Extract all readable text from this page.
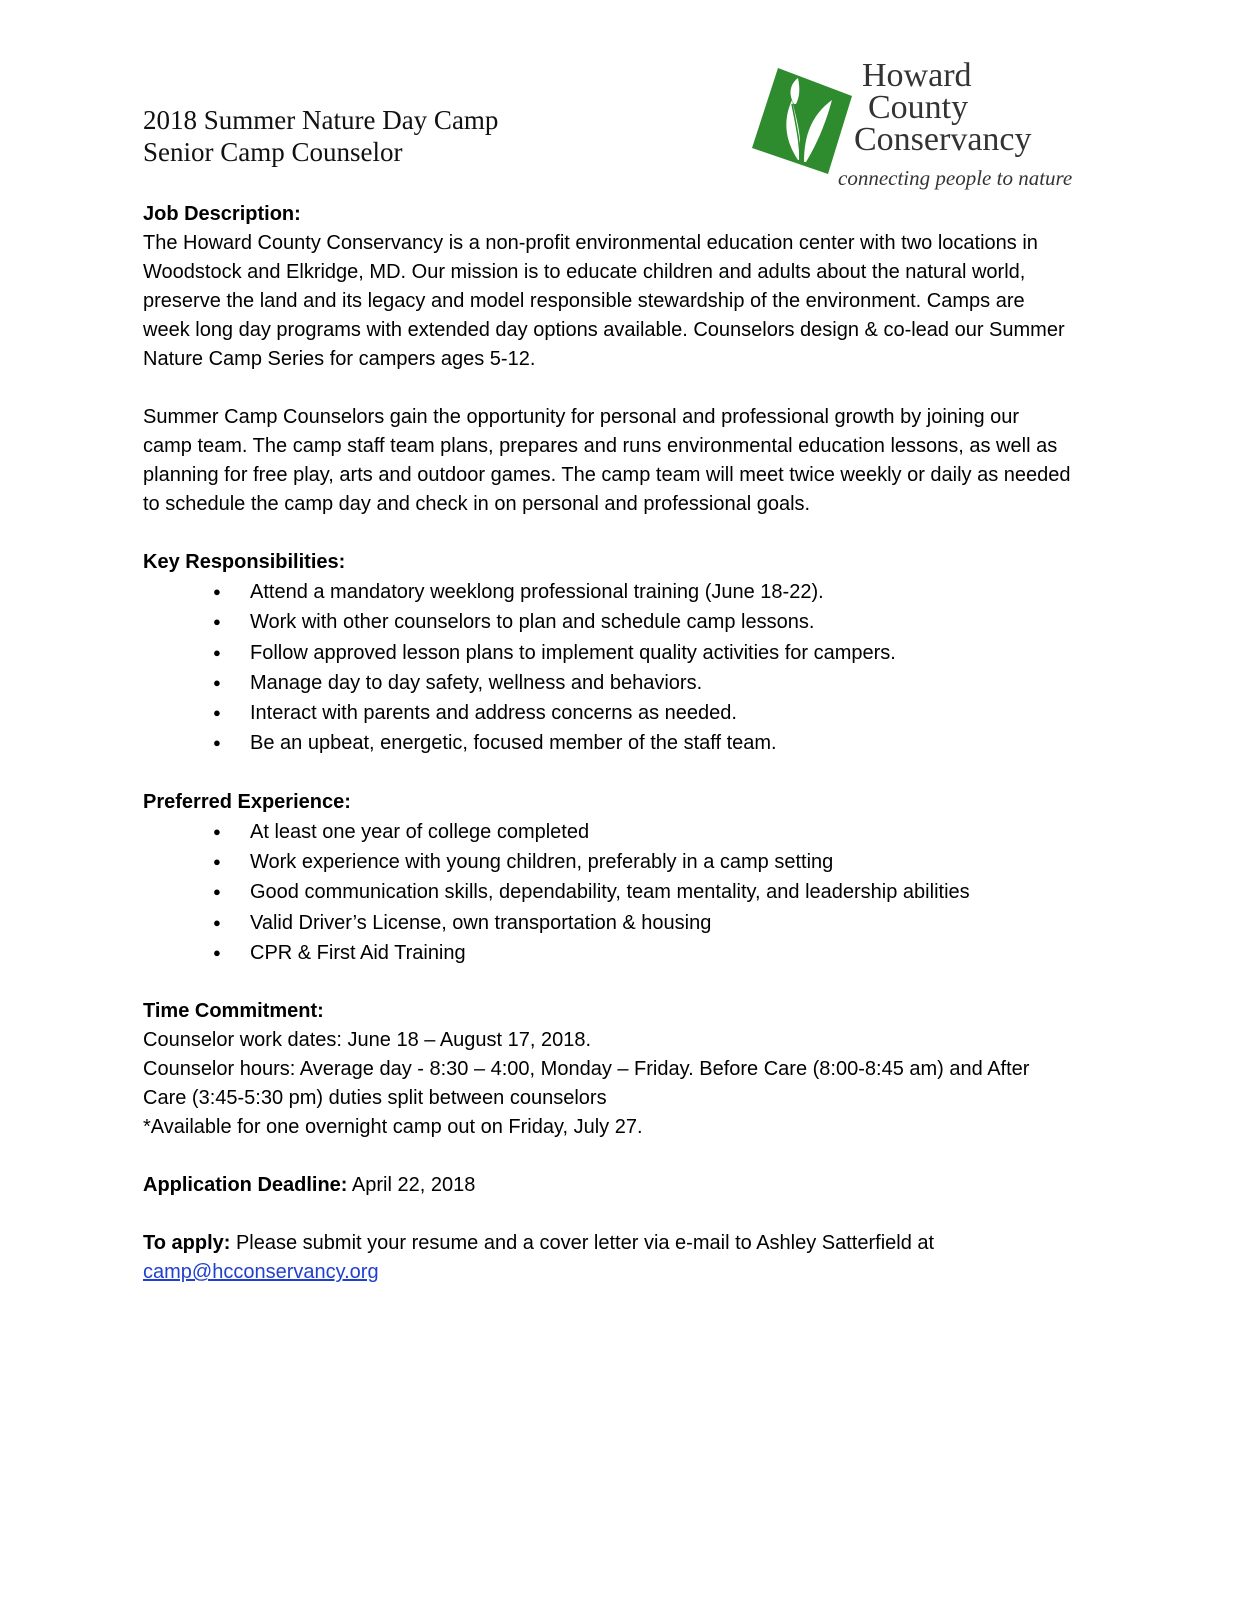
2018 Summer Nature Day Camp
Senior Camp Counselor
Howard
County
Conservancy
connecting people to nature

Job Description:

The Howard County Conservancy is a non-profit environmental education center with two locations in Woodstock and Elkridge, MD. Our mission is to educate children and adults about the natural world, preserve the land and its legacy and model responsible stewardship of the environment. Camps are week long day programs with extended day options available. Counselors design & co-lead our Summer Nature Camp Series for campers ages 5-12.

Summer Camp Counselors gain the opportunity for personal and professional growth by joining our camp team. The camp staff team plans, prepares and runs environmental education lessons, as well as planning for free play, arts and outdoor games. The camp team will meet twice weekly or daily as needed to schedule the camp day and check in on personal and professional goals.

Key Responsibilities:

● Attend a mandatory weeklong professional training (June 18-22).
● Work with other counselors to plan and schedule camp lessons.
● Follow approved lesson plans to implement quality activities for campers.
● Manage day to day safety, wellness and behaviors.
● Interact with parents and address concerns as needed.
● Be an upbeat, energetic, focused member of the staff team.

Preferred Experience:

● At least one year of college completed
● Work experience with young children, preferably in a camp setting
● Good communication skills, dependability, team mentality, and leadership abilities
● Valid Driver’s License, own transportation & housing
● CPR & First Aid Training

Time Commitment:

Counselor work dates: June 18 – August 17, 2018.

Counselor hours: Average day - 8:30 – 4:00, Monday – Friday. Before Care (8:00-8:45 am) and After Care (3:45-5:30 pm) duties split between counselors

*Available for one overnight camp out on Friday, July 27.

Application Deadline: April 22, 2018

To apply: Please submit your resume and a cover letter via e-mail to Ashley Satterfield at
camp@hcconservancy.org
